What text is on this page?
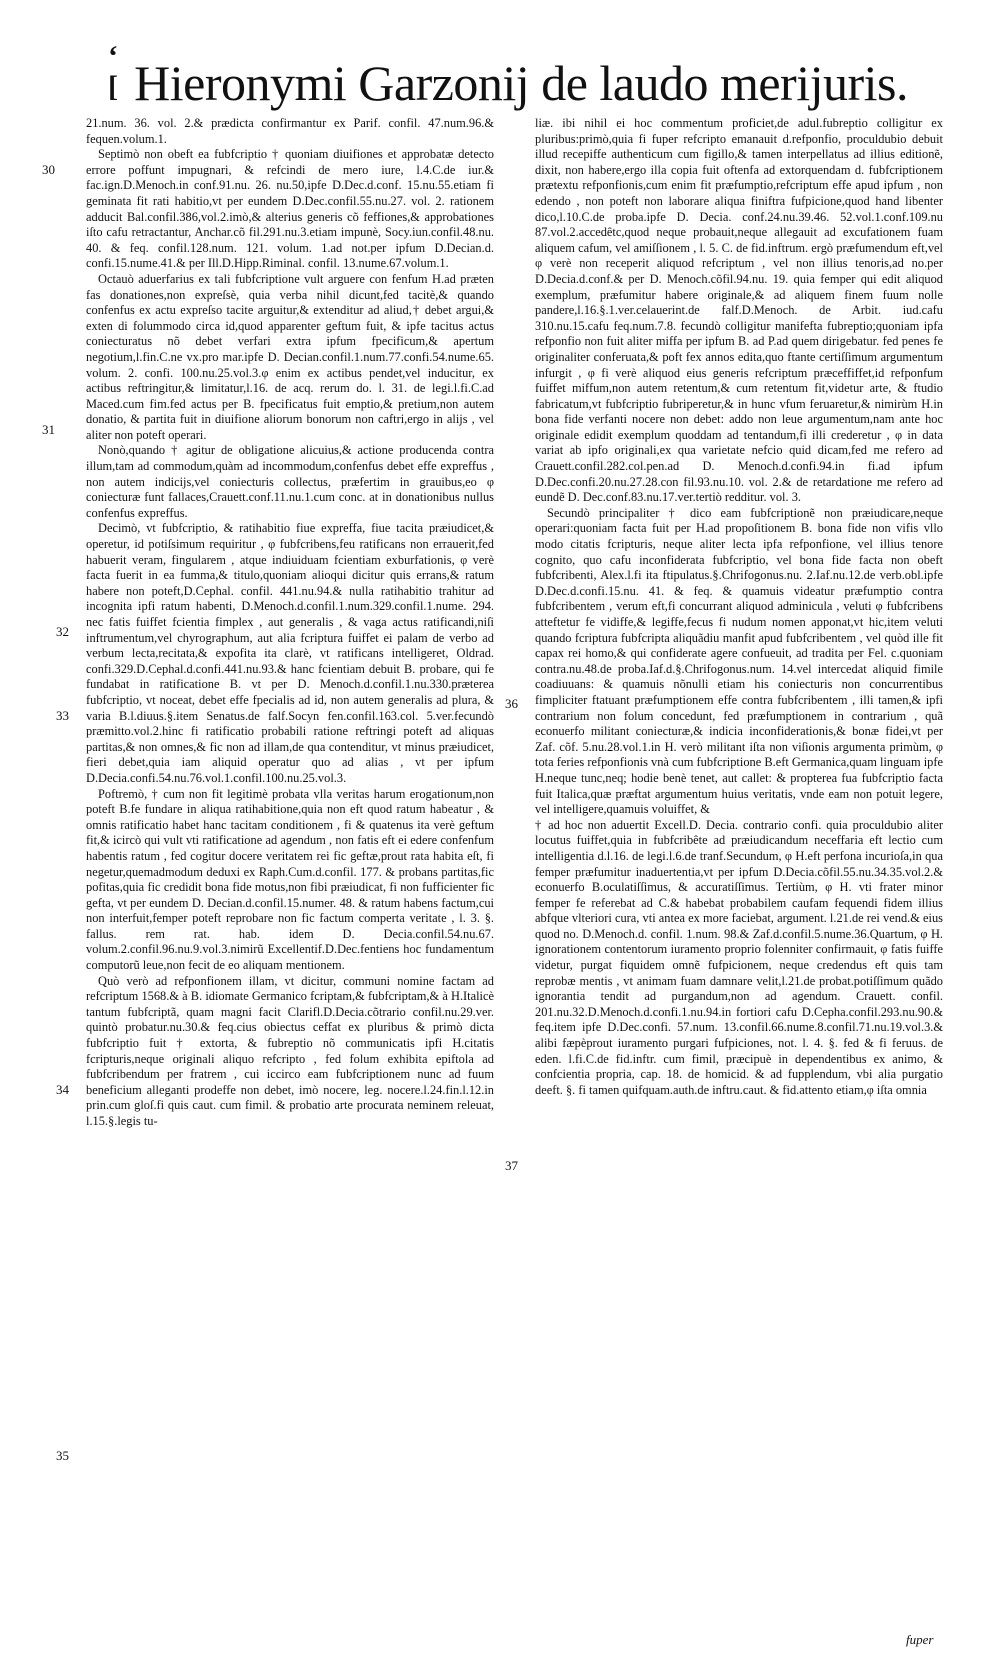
‘ [ Hieronymi Garzonij de laudo merijuris.
30
31
32
33
34
35
36
37

21.num. 36. vol. 2.& prædicta confirmantur ex Parif. confil. 47.num.96.& fequen.volum.1.

Septimò non obeft ea fubfcriptio † quoniam diuifiones et approbatæ detecto errore poffunt impugnari, & refcindi de mero iure, l.4.C.de iur.& fac.ign.D.Menoch.in conf.91.nu. 26. nu.50,ipfe D.Dec.d.conf. 15.nu.55.etiam fi geminata fit rati habitio,vt per eundem D.Dec.confil.55.nu.27. vol. 2. rationem adducit Bal.confil.386,vol.2.imò,& alterius generis cõ feffiones,& approbationes iſto cafu retractantur, Anchar.cõ fil.291.nu.3.etiam impunè, Socy.iun.confil.48.nu. 40. & feq. confil.128.num. 121. volum. 1.ad not.per ipfum D.Decian.d. confi.15.nume.41.& per Ill.D.Hipp.Riminal. confil. 13.nume.67.volum.1.

Octauò aduerfarius ex tali fubfcriptione vult arguere con fenfum H.ad præten fas donationes,non expreſsè, quia verba nihil dicunt,fed tacitè,& quando confenfus ex actu expreſso tacite arguitur,& extenditur ad aliud,† debet argui,& exten di folummodo circa id,quod apparenter geftum fuit, & ipfe tacitus actus coniecturatus nõ debet verfari extra ipfum fpecificum,& apertum negotium,l.fin.C.ne vx.pro mar.ipfe D. Decian.confil.1.num.77.confi.54.nume.65. volum. 2. confi. 100.nu.25.vol.3.φ enim ex actibus pendet,vel inducitur, ex actibus reftringitur,& limitatur,l.16. de acq. rerum do. l. 31. de legi.l.fi.C.ad Maced.cum fim.fed actus per B. fpecificatus fuit emptio,& pretium,non autem donatio, & partita fuit in diuifione aliorum bonorum non caftri,ergo in alijs , vel aliter non poteft operari.

Nonò,quando † agitur de obligatione alicuius,& actione producenda contra illum,tam ad commodum,quàm ad incommodum,confenfus debet effe expreffus , non autem indicijs,vel coniecturis collectus, præfertim in grauibus,eo φ coniecturæ funt fallaces,Crauett.conf.11.nu.1.cum conc. at in donationibus nullus confenfus expreffus.

Decimò, vt fubfcriptio, & ratihabitio fiue expreffa, fiue tacita præiudicet,& operetur, id potiſsimum requiritur , φ fubfcribens,feu ratificans non errauerit,fed habuerit veram, fingularem , atque indiuiduam fcientiam exburfationis, φ verè facta fuerit in ea fumma,& titulo,quoniam alioqui dicitur quis errans,& ratum habere non poteft,D.Cephal. confil. 441.nu.94.& nulla ratihabitio trahitur ad incognita ipfi ratum habenti, D.Menoch.d.confil.1.num.329.confil.1.nume. 294. nec fatis fuiffet fcientia fimplex , aut generalis , & vaga actus ratificandi,niſi inftrumentum,vel chyrographum, aut alia fcriptura fuiffet ei palam de verbo ad verbum lecta,recitata,& expofita ita clarè, vt ratificans intelligeret, Oldrad. confi.329.D.Cephal.d.confi.441.nu.93.& hanc fcientiam debuit B. probare, qui fe fundabat in ratificatione B. vt per D. Menoch.d.confil.1.nu.330.præterea fubfcriptio, vt noceat, debet effe fpecialis ad id, non autem generalis ad plura, & varia B.l.diuus.§.item Senatus.de falf.Socyn fen.confil.163.col. 5.ver.fecundò præmitto.vol.2.hinc fi ratificatio probabili ratione reftringi poteft ad aliquas partitas,& non omnes,& fic non ad illam,de qua contenditur, vt minus præiudicet, fieri debet,quia iam aliquid operatur quo ad alias , vt per ipfum D.Decia.confi.54.nu.76.vol.1.confil.100.nu.25.vol.3.

Poftremò, † cum non fit legitimè probata vlla veritas harum erogationum,non poteft B.fe fundare in aliqua ratihabitione,quia non eft quod ratum habeatur , & omnis ratificatio habet hanc tacitam conditionem , fi & quatenus ita verè geftum fit,& icircò qui vult vti ratificatione ad agendum , non fatis eft ei edere confenfum habentis ratum , fed cogitur docere veritatem rei fic geftæ,prout rata habita eſt, fi negetur,quemadmodum deduxi ex Raph.Cum.d.confil. 177. & probans partitas,fic pofitas,quia fic credidit bona fide motus,non fibi præiudicat, fi non fufficienter fic gefta, vt per eundem D. Decian.d.confil.15.numer. 48. & ratum habens factum,cui non interfuit,femper poteft reprobare non fic factum comperta veritate , l. 3. §. fallus. rem rat. hab. idem D. Decia.confil.54.nu.67. volum.2.confil.96.nu.9.vol.3.nimirũ Excellentif.D.Dec.fentiens hoc fundamentum computorũ leue,non fecit de eo aliquam mentionem.

Quò verò ad refponfionem illam, vt dicitur, communi nomine factam ad refcriptum 1568.& à B. idiomate Germanico fcriptam,& fubfcriptam,& à H.Italicè tantum fubfcriptã, quam magni facit Clarifl.D.Decia.cõtrario confil.nu.29.ver. quintò probatur.nu.30.& feq.cius obiectus ceffat ex pluribus & primò dicta fubfcriptio fuit † extorta, & fubreptio nõ communicatis ipfi H.citatis fcripturis,neque originali aliquo refcripto , fed folum exhibita epiftola ad fubfcribendum per fratrem , cui iccirco eam fubfcriptionem nunc ad fuum beneficium alleganti prodeffe non debet, imò nocere, leg. nocere.l.24.fin.l.12.in prin.cum gloſ.fi quis caut. cum fimil. & probatio arte procurata neminem releuat, l.15.§.legis tu-

liæ. ibi nihil ei hoc commentum proficiet,de adul.fubreptio colligitur ex pluribus:primò,quia fi fuper refcripto emanauit d.refponfio, proculdubio debuit illud recepiffe authenticum cum figillo,& tamen interpellatus ad illius editionẽ, dixit, non habere,ergo illa copia fuit oftenfa ad extorquendam d. fubfcriptionem prætextu refponfionis,cum enim fit præfumptio,refcriptum effe apud ipfum , non edendo , non poteft non laborare aliqua finiftra fufpicione,quod hand libenter dico,l.10.C.de proba.ipfe D. Decia. conf.24.nu.39.46. 52.vol.1.conf.109.nu 87.vol.2.accedêtc,quod neque probauit,neque allegauit ad excufationem fuam aliquem cafum, vel amiſſionem , l. 5. C. de fid.inftrum. ergò præfumendum eft,vel φ verè non receperit aliquod refcriptum , vel non illius tenoris,ad no.per D.Decia.d.conf.& per D. Menoch.cõfil.94.nu. 19. quia femper qui edit aliquod exemplum, præfumitur habere originale,& ad aliquem finem fuum nolle pandere,l.16.§.1.ver.celauerint.de falf.D.Menoch. de Arbit. iud.cafu 310.nu.15.cafu feq.num.7.8. fecundò colligitur manifefta fubreptio;quoniam ipfa refponfio non fuit aliter miffa per ipfum B. ad P.ad quem dirigebatur. fed penes fe originaliter conferuata,& poft fex annos edita,quo ftante certiſſimum argumentum infurgit , φ fi verè aliquod eius generis refcriptum præceffiffet,id refponfum fuiffet miffum,non autem retentum,& cum retentum fit,videtur arte, & ftudio fabricatum,vt fubfcriptio fubriperetur,& in hunc vfum feruaretur,& nimirùm H.in bona fide verfanti nocere non debet: addo non leue argumentum,nam ante hoc originale edidit exemplum quoddam ad tentandum,fi illi crederetur , φ in data variat ab ipfo originali,ex qua varietate nefcio quid dicam,fed me refero ad Crauett.confil.282.col.pen.ad D. Menoch.d.confi.94.in fi.ad ipfum D.Dec.confi.20.nu.27.28.con fil.93.nu.10. vol. 2.& de retardatione me refero ad eundẽ D. Dec.conf.83.nu.17.ver.tertiò redditur. vol. 3.

Secundò principaliter † dico eam fubfcriptionẽ non præiudicare,neque operari:quoniam facta fuit per H.ad propoſitionem B. bona fide non vifis vllo modo citatis fcripturis, neque aliter lecta ipfa refponfione, vel illius tenore cognito, quo cafu inconfiderata fubfcriptio, vel bona fide facta non obeft fubfcribenti, Alex.l.fi ita ftipulatus.§.Chrifogonus.nu. 2.Iaf.nu.12.de verb.obl.ipfe D.Dec.d.confi.15.nu. 41. & feq. & quamuis videatur præfumptio contra fubfcribentem , verum eft,fi concurrant aliquod adminicula , veluti φ fubfcribens atteftetur fe vidiffe,& legiffe,fecus fi nudum nomen apponat,vt hic,item veluti quando fcriptura fubfcripta aliquãdiu manfit apud fubfcribentem , vel quòd ille fit capax rei homo,& qui confiderate agere confueuit, ad tradita per Fel. c.quoniam contra.nu.48.de proba.Iaf.d.§.Chrifogonus.num. 14.vel intercedat aliquid fimile coadiuuans: & quamuis nõnulli etiam his coniecturis non concurrentibus fimpliciter ftatuant præfumptionem effe contra fubfcribentem , illi tamen,& ipfi contrarium non folum concedunt, fed præfumptionem in contrarium , quã econuerfo militant coniecturæ,& indicia inconfiderationis,& bonæ fidei,vt per Zaf. cõf. 5.nu.28.vol.1.in H. verò militant iſta non viſionis argumenta primùm, φ tota feries refponfionis vnà cum fubfcriptione B.eft Germanica,quam linguam ipfe H.neque tunc,neq; hodie benè tenet, aut callet: & propterea fua fubfcriptio facta fuit Italica,quæ præftat argumentum huius veritatis, vnde eam non potuit legere, vel intelligere,quamuis voluiffet, &

† ad hoc non aduertit Excell.D. Decia. contrario confi. quia proculdubio aliter locutus fuiffet,quia in fubfcribête ad præiudicandum neceffaria eft lectio cum intelligentia d.l.16. de legi.l.6.de tranf.Secundum, φ H.eft perfona incurioſa,in qua femper præfumitur inaduertentia,vt per ipfum D.Decia.cõfil.55.nu.34.35.vol.2.& econuerfo B.oculatiſſimus, & accuratiſſimus. Tertiùm, φ H. vti frater minor femper fe referebat ad C.& habebat probabilem caufam fequendi fidem illius abfque vlteriori cura, vti antea ex more faciebat, argument. l.21.de rei vend.& eius quod no. D.Menoch.d. confil. 1.num. 98.& Zaf.d.confil.5.nume.36.Quartum, φ H. ignorationem contentorum iuramento proprio folenniter confirmauit, φ fatis fuiffe videtur, purgat fiquidem omnẽ fufpicionem, neque credendus eft quis tam reprobæ mentis , vt animam fuam damnare velit,l.21.de probat.potiſſimum quãdo ignorantia tendit ad purgandum,non ad agendum. Crauett. confil. 201.nu.32.D.Menoch.d.confi.1.nu.94.in fortiori cafu D.Cepha.confil.293.nu.90.& feq.item ipfe D.Dec.confi. 57.num. 13.confil.66.nume.8.confil.71.nu.19.vol.3.& alibi fæpèprout iuramento purgari fufpiciones, not. l. 4. §. fed & fi feruus. de eden. l.fi.C.de fid.inftr. cum fimil, præcipuè in dependentibus ex animo, & confcientia propria, cap. 18. de homicid. & ad fupplendum, vbi alia purgatio deeft. §. fi tamen quifquam.auth.de inftru.caut. & fid.attento etiam,φ iſta omnia

fuper
